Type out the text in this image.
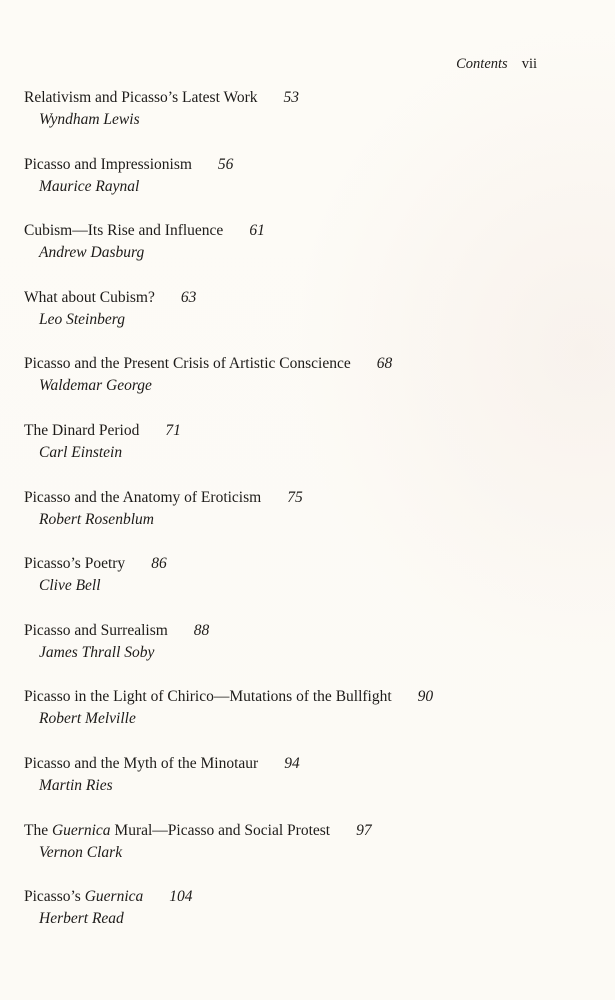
Contents vii
Relativism and Picasso’s Latest Work 53
Wyndham Lewis
Picasso and Impressionism 56
Maurice Raynal
Cubism—Its Rise and Influence 61
Andrew Dasburg
What about Cubism? 63
Leo Steinberg
Picasso and the Present Crisis of Artistic Conscience 68
Waldemar George
The Dinard Period 71
Carl Einstein
Picasso and the Anatomy of Eroticism 75
Robert Rosenblum
Picasso’s Poetry 86
Clive Bell
Picasso and Surrealism 88
James Thrall Soby
Picasso in the Light of Chirico—Mutations of the Bullfight 90
Robert Melville
Picasso and the Myth of the Minotaur 94
Martin Ries
The Guernica Mural—Picasso and Social Protest 97
Vernon Clark
Picasso’s Guernica 104
Herbert Read
